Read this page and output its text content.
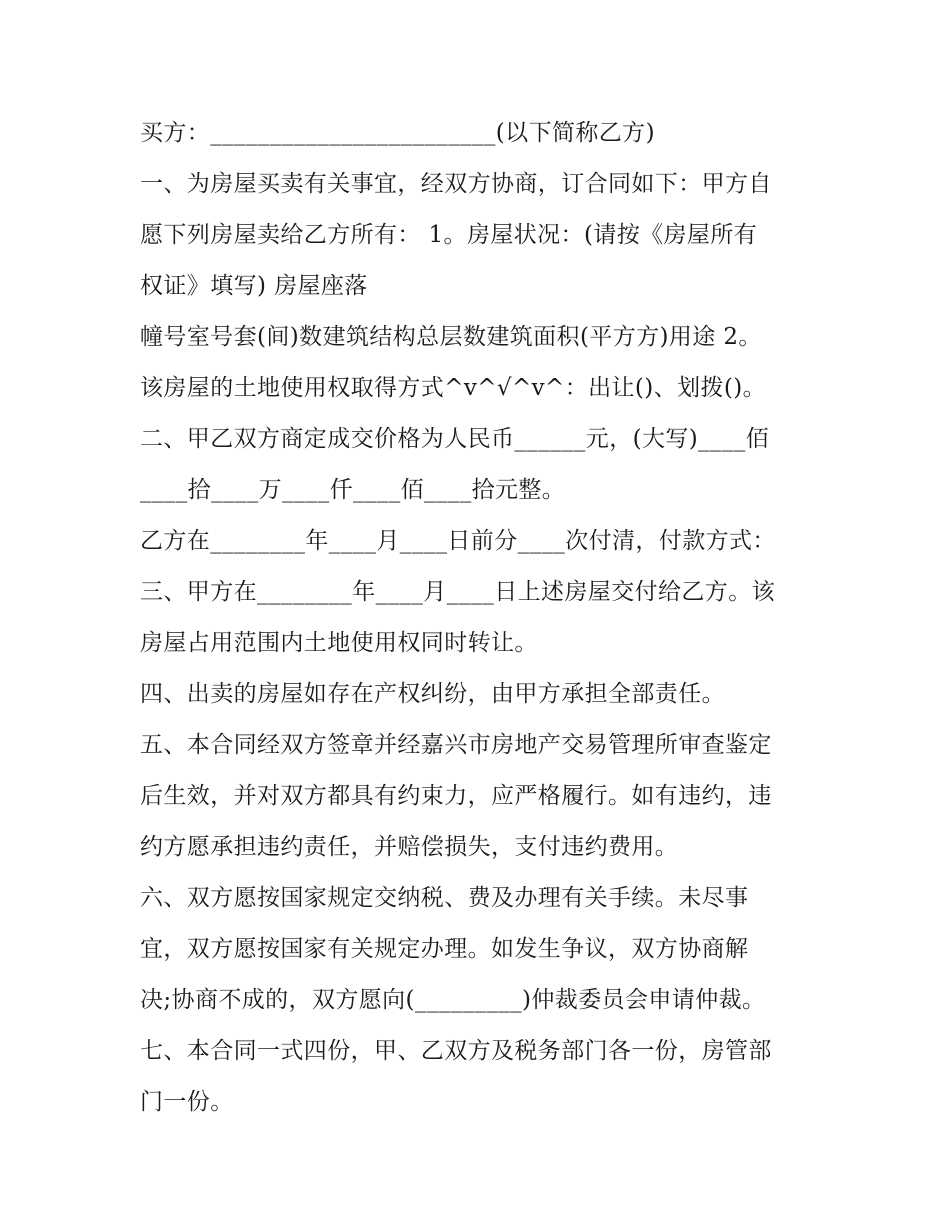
买方：________________________(以下简称乙方)

一、为房屋买卖有关事宜，经双方协商，订合同如下：甲方自

愿下列房屋卖给乙方所有： 1。房屋状况：(请按《房屋所有

权证》填写) 房屋座落

幢号室号套(间)数建筑结构总层数建筑面积(平方方)用途 2。

该房屋的土地使用权取得方式^v^√^v^：出让()、划拨()。

二、甲乙双方商定成交价格为人民币______元，(大写)____佰

____拾____万____仟____佰____拾元整。

乙方在________年____月____日前分____次付清，付款方式：

三、甲方在________年____月____日上述房屋交付给乙方。该

房屋占用范围内土地使用权同时转让。

四、出卖的房屋如存在产权纠纷，由甲方承担全部责任。

五、本合同经双方签章并经嘉兴市房地产交易管理所审查鉴定

后生效，并对双方都具有约束力，应严格履行。如有违约，违

约方愿承担违约责任，并赔偿损失，支付违约费用。

六、双方愿按国家规定交纳税、费及办理有关手续。未尽事

宜，双方愿按国家有关规定办理。如发生争议，双方协商解

决;协商不成的，双方愿向(_________)仲裁委员会申请仲裁。

七、本合同一式四份，甲、乙双方及税务部门各一份，房管部

门一份。
